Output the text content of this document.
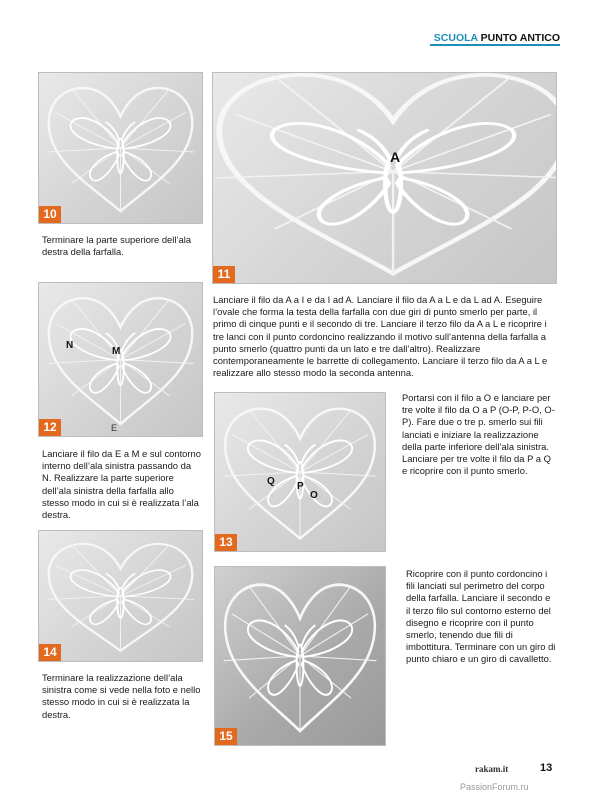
SCUOLA PUNTO ANTICO
10

Terminare la parte superiore dell’ala destra della farfalla.

A
11

Lanciare il filo da A a I e da I ad A. Lanciare il filo da A a L e da L ad A. Eseguire l’ovale che forma la testa della farfalla con due giri di punto smerlo per parte, il primo di cinque punti e il secondo di tre. Lanciare il terzo filo da A a L e ricoprire i tre lanci con il punto cordoncino realizzando il motivo sull’antenna della farfalla a punto smerlo (quattro punti da un lato e tre dall’altro). Realizzare contemporaneamente le barrette di collegamento. Lanciare il terzo filo da A a L e realizzare allo stesso modo la seconda antenna.

N
M
E
12

Lanciare il filo da E a M e sul contorno interno dell’ala sinistra passando da N. Realizzare la parte superiore dell’ala sinistra della farfalla allo stesso modo in cui si è realizzata l’ala destra.

Q P
O
13

Portarsi con il filo a O e lanciare per tre volte il filo da O a P (O-P, P-O, O-P). Fare due o tre p. smerlo sui fili lanciati e iniziare la realizzazione della parte inferiore dell’ala sinistra. Lanciare per tre volte il filo da P a Q e ricoprire con il punto smerlo.

14

Terminare la realizzazione dell’ala sinistra come si vede nella foto e nello stesso modo in cui si è realizzata la destra.

15

Ricoprire con il punto cordoncino i fili lanciati sul perimetro del corpo della farfalla. Lanciare il secondo e il terzo filo sul contorno esterno del disegno e ricoprire con il punto smerlo, tenendo due fili di imbottitura. Terminare con un giro di punto chiaro e un giro di cavalletto.

rakam.it	13
PassionForum.ru
